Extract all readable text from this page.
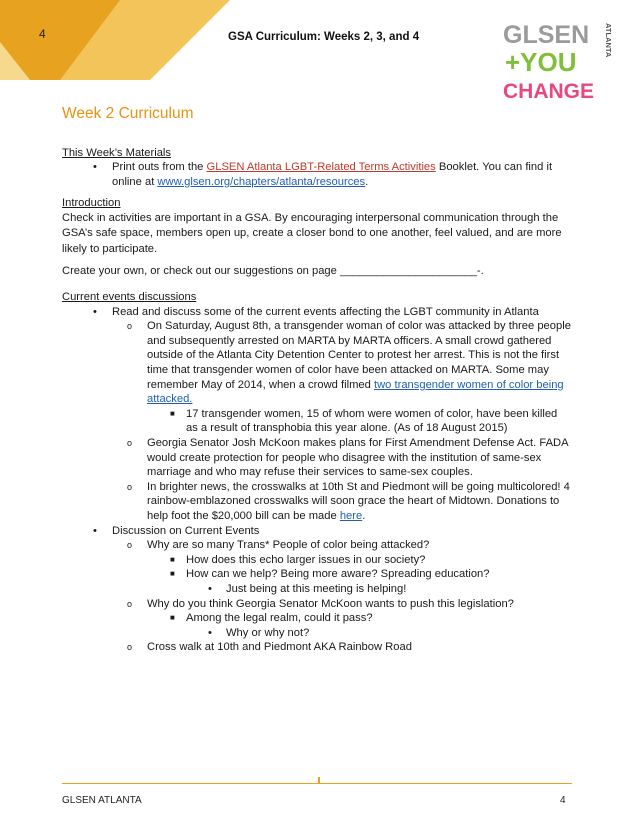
4	GSA Curriculum: Weeks 2, 3, and 4	GLSEN
+YOU
CHANGE
ATLANTA
Week 2 Curriculum

This Week’s Materials

• Print outs from the GLSEN Atlanta LGBT-Related Terms Activities Booklet. You can find it online at www.glsen.org/chapters/atlanta/resources.

Introduction

Check in activities are important in a GSA. By encouraging interpersonal communication through the GSA’s safe space, members open up, create a closer bond to one another, feel valued, and are more likely to participate.

Create your own, or check out our suggestions on page ______________________-.

Current events discussions

• Read and discuss some of the current events affecting the LGBT community in Atlanta
o On Saturday, August 8th, a transgender woman of color was attacked by three people and subsequently arrested on MARTA by MARTA officers. A small crowd gathered outside of the Atlanta City Detention Center to protest her arrest. This is not the first time that transgender women of color have been attacked on MARTA. Some may remember May of 2014, when a crowd filmed two transgender women of color being attacked.
■ 17 transgender women, 15 of whom were women of color, have been killed as a result of transphobia this year alone. (As of 18 August 2015)
o Georgia Senator Josh McKoon makes plans for First Amendment Defense Act. FADA would create protection for people who disagree with the institution of same-sex marriage and who may refuse their services to same-sex couples.
o In brighter news, the crosswalks at 10th St and Piedmont will be going multicolored! 4 rainbow-emblazoned crosswalks will soon grace the heart of Midtown. Donations to help foot the $20,000 bill can be made here.
• Discussion on Current Events
o Why are so many Trans* People of color being attacked?
■ How does this echo larger issues in our society?
■ How can we help? Being more aware? Spreading education?
• Just being at this meeting is helping!
o Why do you think Georgia Senator McKoon wants to push this legislation?
■ Among the legal realm, could it pass?
• Why or why not?
o Cross walk at 10th and Piedmont AKA Rainbow Road
GLSEN ATLANTA	4
